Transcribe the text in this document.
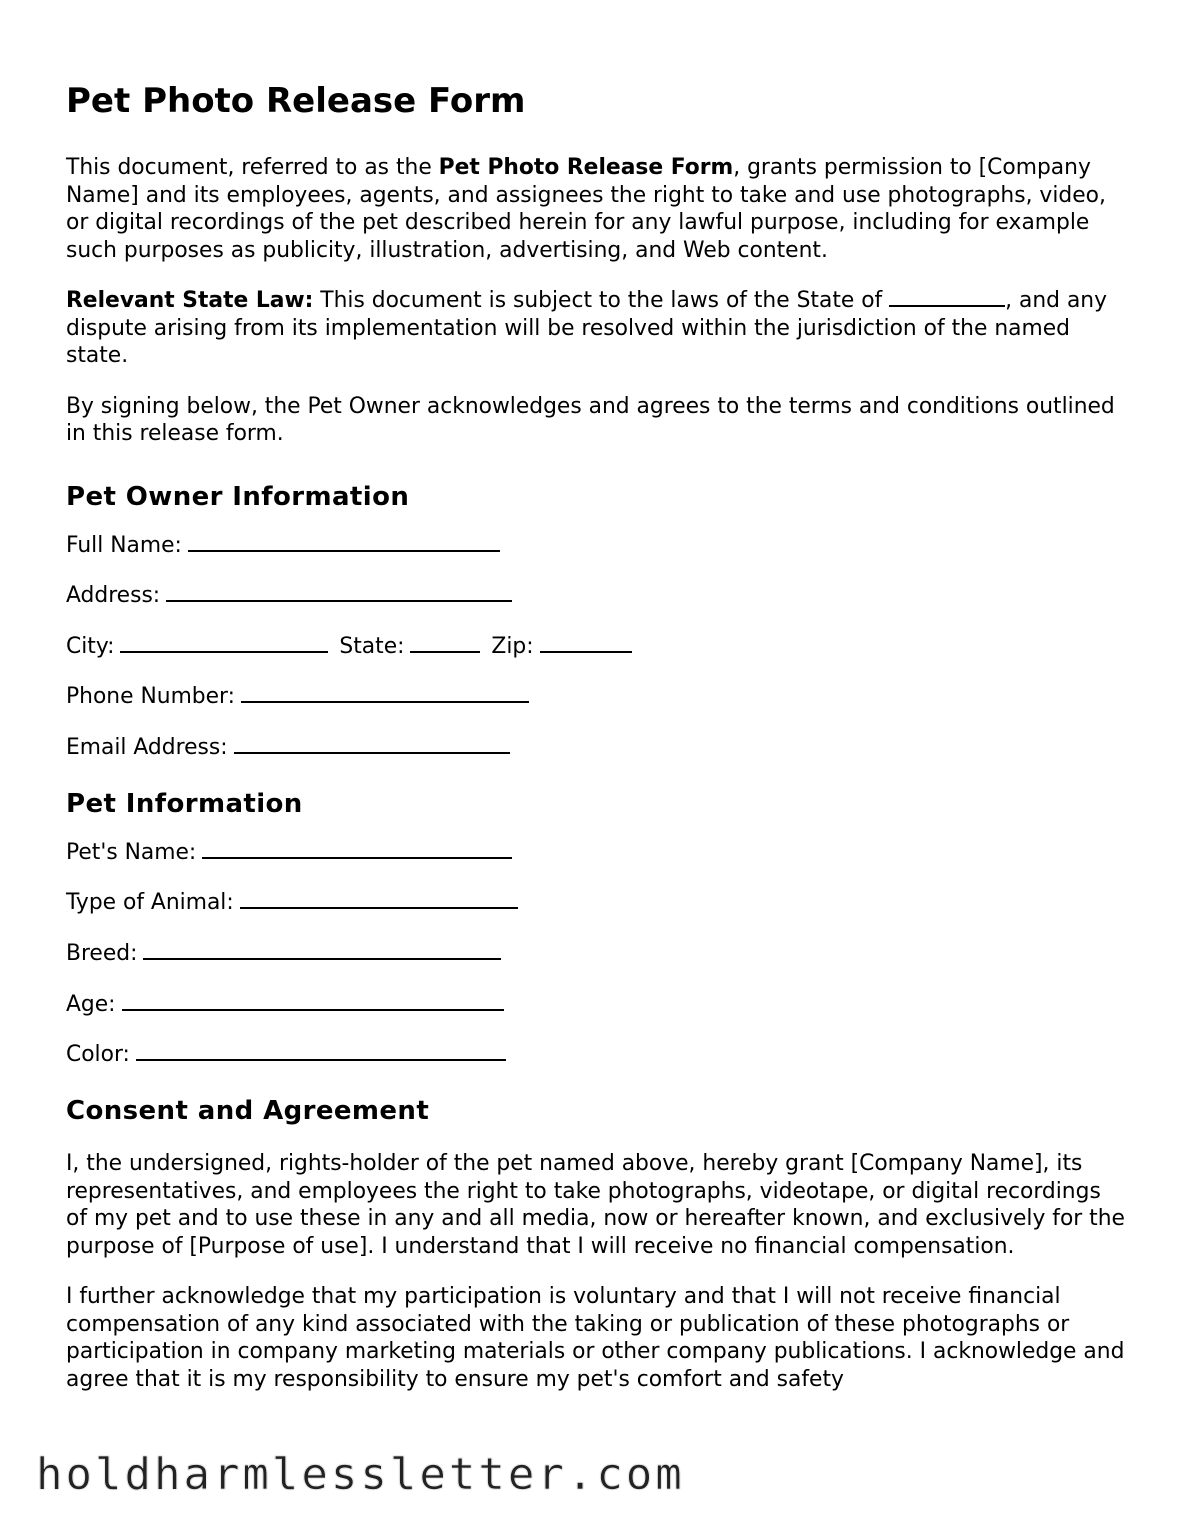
Pet Photo Release Form

This document, referred to as the Pet Photo Release Form, grants permission to [Company Name] and its employees, agents, and assignees the right to take and use photographs, video, or digital recordings of the pet described herein for any lawful purpose, including for example such purposes as publicity, illustration, advertising, and Web content.

Relevant State Law: This document is subject to the laws of the State of	, and any dispute arising from its implementation will be resolved within the jurisdiction of the named state.

By signing below, the Pet Owner acknowledges and agrees to the terms and conditions outlined in this release form.

Pet Owner Information
Full Name:
Address:
City:	State:	Zip:
Phone Number:
Email Address:
Pet Information
Pet's Name:
Type of Animal:
Breed:
Age:
Color:
Consent and Agreement

I, the undersigned, rights-holder of the pet named above, hereby grant [Company Name], its representatives, and employees the right to take photographs, videotape, or digital recordings of my pet and to use these in any and all media, now or hereafter known, and exclusively for the purpose of [Purpose of use]. I understand that I will receive no financial compensation.

I further acknowledge that my participation is voluntary and that I will not receive financial compensation of any kind associated with the taking or publication of these photographs or participation in company marketing materials or other company publications. I acknowledge and agree that it is my responsibility to ensure my pet's comfort and safety

holdharmlessletter.com
